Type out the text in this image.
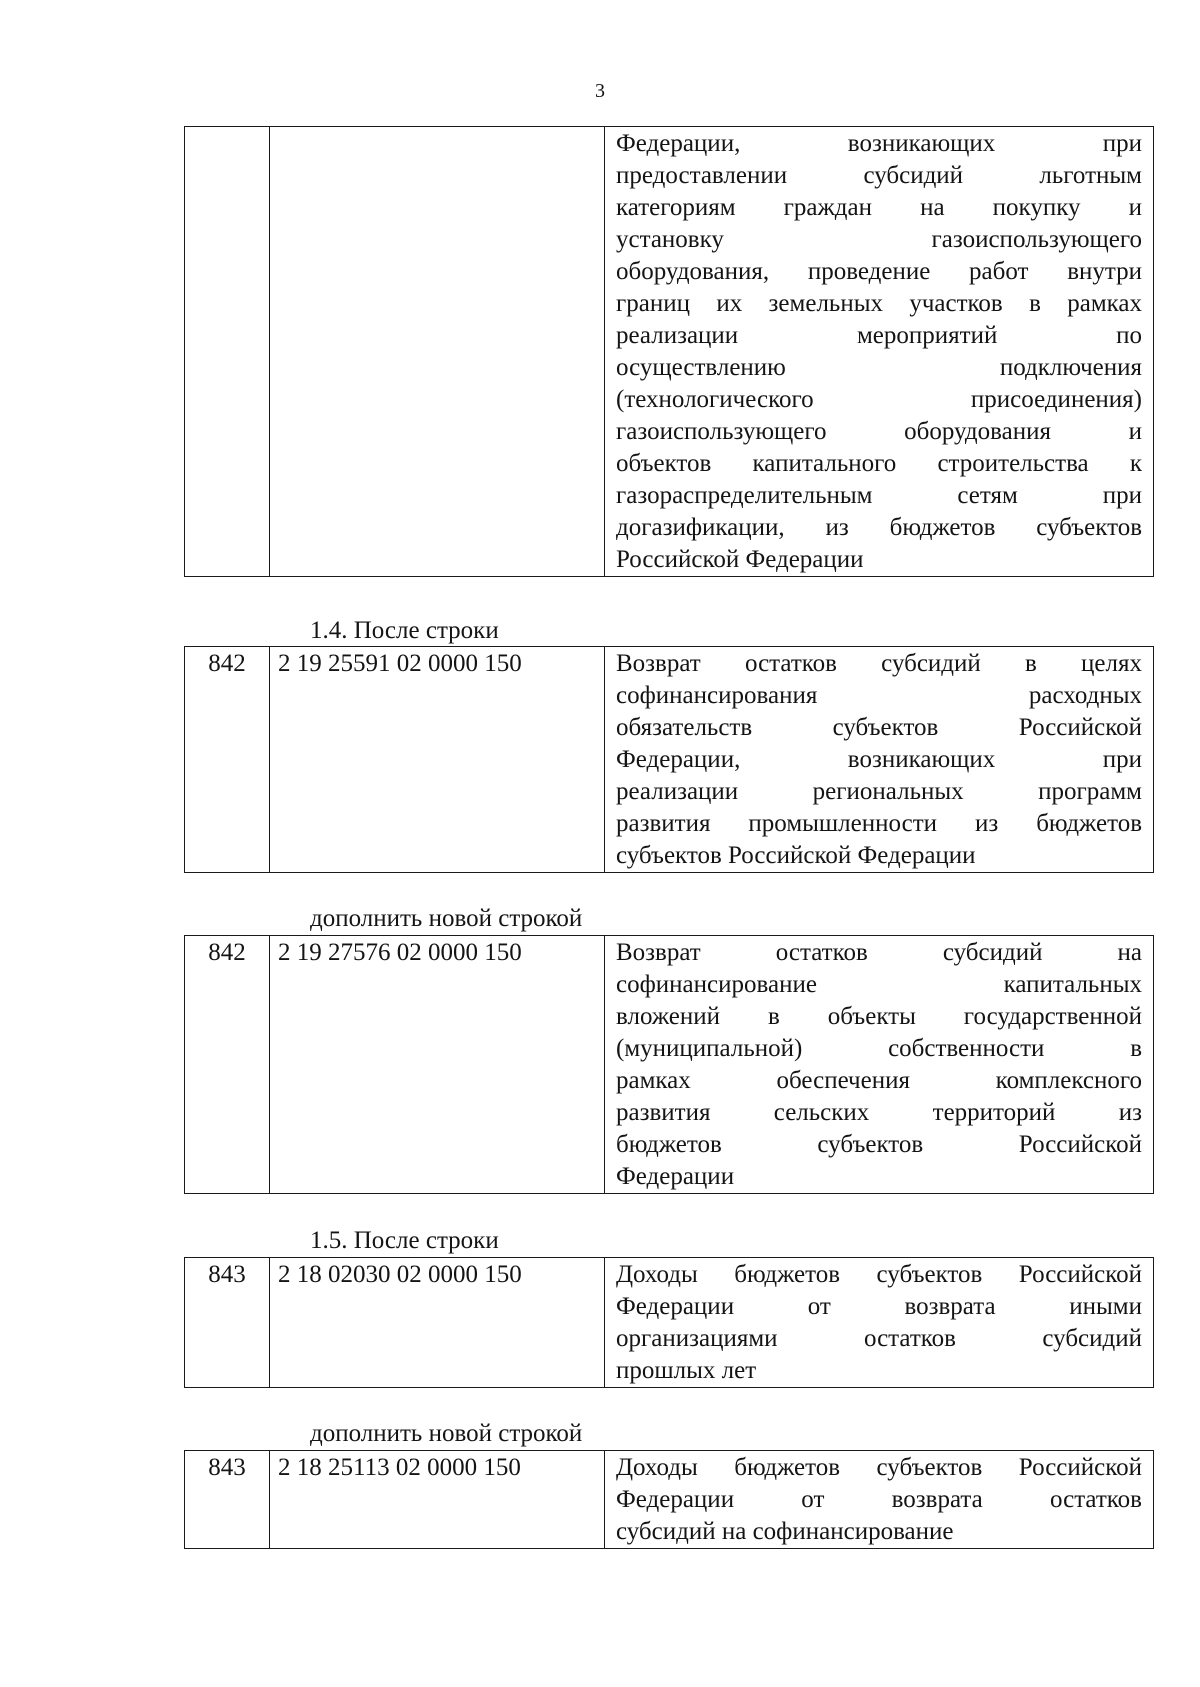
3

Федерации, возникающих при
предоставлении субсидий льготным
категориям граждан на покупку и
установку газоиспользующего
оборудования, проведение работ внутри
границ их земельных участков в рамках
реализации мероприятий по
осуществлению подключения
(технологического присоединения)
газоиспользующего оборудования и
объектов капитального строительства к
газораспределительным сетям при
догазификации, из бюджетов субъектов
Российской Федерации
1.4. После строки
842	2 19 25591 02 0000 150	Возврат остатков субсидий в целях
софинансирования расходных
обязательств субъектов Российской
Федерации, возникающих при
реализации региональных программ
развития промышленности из бюджетов
субъектов Российской Федерации
дополнить новой строкой
842	2 19 27576 02 0000 150	Возврат остатков субсидий на
софинансирование капитальных
вложений в объекты государственной
(муниципальной) собственности в
рамках обеспечения комплексного
развития сельских территорий из
бюджетов субъектов Российской
Федерации
1.5. После строки
843	2 18 02030 02 0000 150	Доходы бюджетов субъектов Российской
Федерации от возврата иными
организациями остатков субсидий
прошлых лет
дополнить новой строкой
843	2 18 25113 02 0000 150	Доходы бюджетов субъектов Российской
Федерации от возврата остатков
субсидий на софинансирование
